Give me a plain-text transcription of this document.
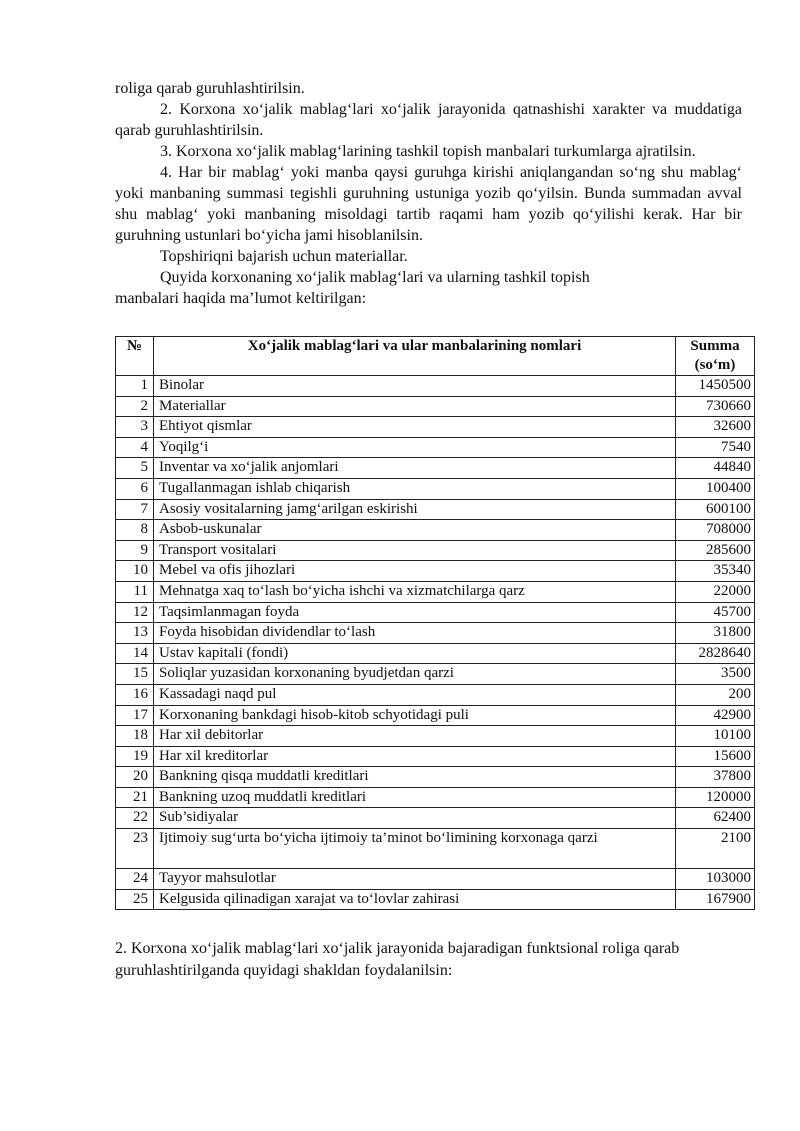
roliga qarab guruhlashtirilsin.

2. Korxona xo‘jalik mablag‘lari xo‘jalik jarayonida qatnashishi xarakter va muddatiga qarab guruhlashtirilsin.

3. Korxona xo‘jalik mablag‘larining tashkil topish manbalari turkumlarga ajratilsin.

4. Har bir mablag‘ yoki manba qaysi guruhga kirishi aniqlangandan so‘ng shu mablag‘ yoki manbaning summasi tegishli guruhning ustuniga yozib qo‘yilsin. Bunda summadan avval shu mablag‘ yoki manbaning misoldagi tartib raqami ham yozib qo‘yilishi kerak. Har bir guruhning ustunlari bo‘yicha jami hisoblanilsin.

Topshiriqni bajarish uchun materiallar.

Quyida korxonaning xo‘jalik mablag‘lari va ularning tashkil topish

manbalari haqida ma’lumot keltirilgan:

№	Xo‘jalik mablag‘lari va ular manbalarining nomlari	Summa (so‘m)
1	Binolar	1450500
2	Materiallar	730660
3	Ehtiyot qismlar	32600
4	Yoqilg‘i	7540
5	Inventar va xo‘jalik anjomlari	44840
6	Tugallanmagan ishlab chiqarish	100400
7	Asosiy vositalarning jamg‘arilgan eskirishi	600100
8	Asbob-uskunalar	708000
9	Transport vositalari	285600
10	Mebel va ofis jihozlari	35340
11	Mehnatga xaq to‘lash bo‘yicha ishchi va xizmatchilarga qarz	22000
12	Taqsimlanmagan foyda	45700
13	Foyda hisobidan dividendlar to‘lash	31800
14	Ustav kapitali (fondi)	2828640
15	Soliqlar yuzasidan korxonaning byudjetdan qarzi	3500
16	Kassadagi naqd pul	200
17	Korxonaning bankdagi hisob-kitob schyotidagi puli	42900
18	Har xil debitorlar	10100
19	Har xil kreditorlar	15600
20	Bankning qisqa muddatli kreditlari	37800
21	Bankning uzoq muddatli kreditlari	120000
22	Sub’sidiyalar	62400
23	Ijtimoiy sug‘urta bo‘yicha ijtimoiy ta’minot bo‘limining korxonaga qarzi	2100
24	Tayyor mahsulotlar	103000
25	Kelgusida qilinadigan xarajat va to‘lovlar zahirasi	167900

2. Korxona xo‘jalik mablag‘lari xo‘jalik jarayonida bajaradigan funktsional roliga qarab guruhlashtirilganda quyidagi shakldan foydalanilsin:
